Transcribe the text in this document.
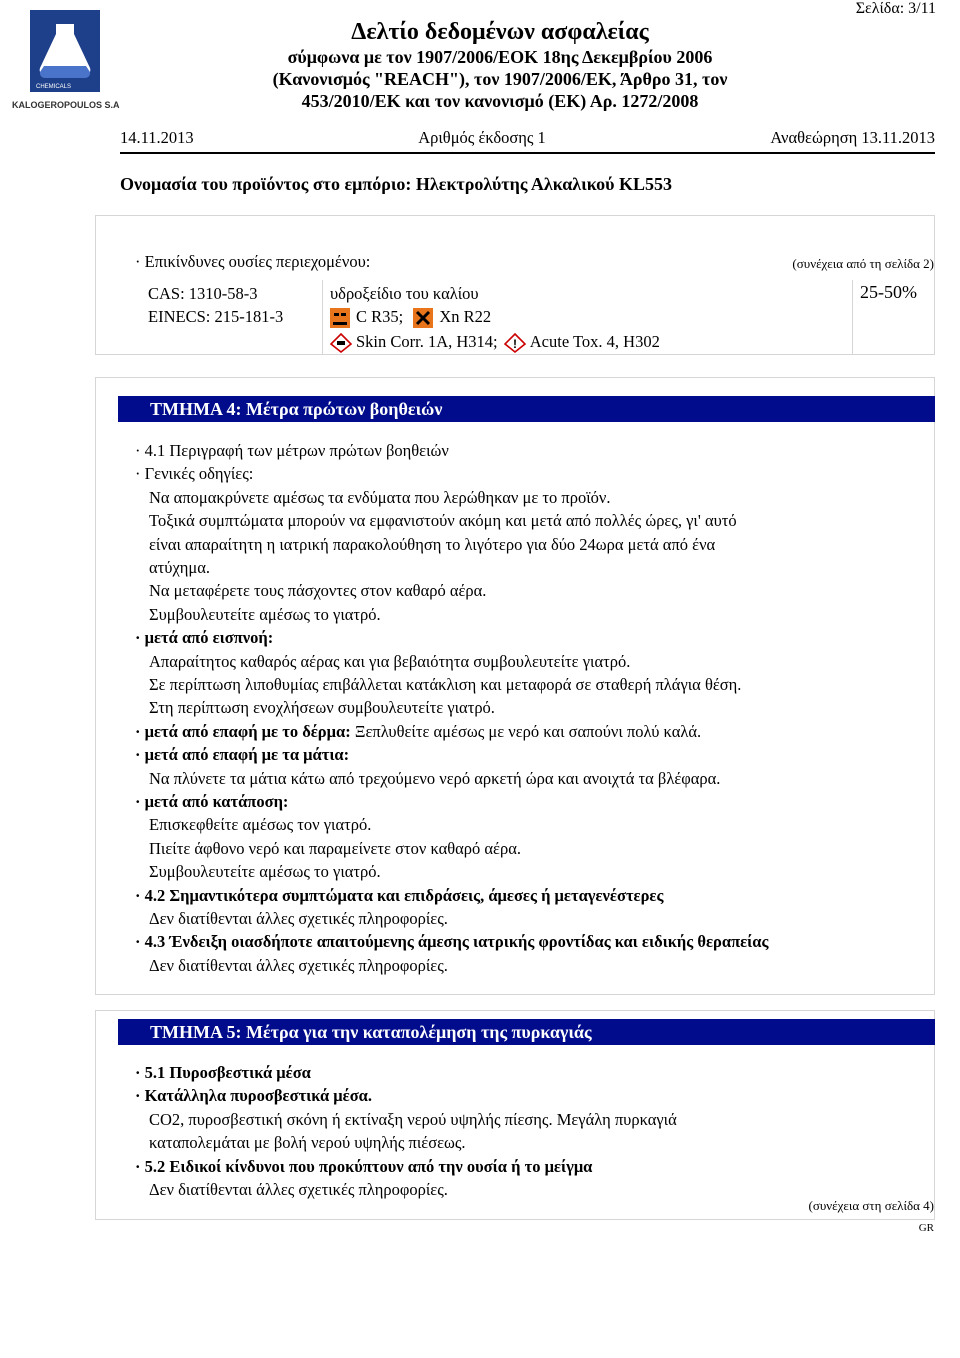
CHEMICALS
KALOGEROPOULOS S.A.
Σελίδα: 3/11
Δελτίο δεδομένων ασφαλείας
σύμφωνα με τον 1907/2006/ΕΟΚ 18ης Δεκεμβρίου 2006
(Κανονισμός "REACH"), τον 1907/2006/ΕΚ, Άρθρο 31, τον
453/2010/ΕΚ και τον κανονισμό (ΕΚ) Αρ. 1272/2008
14.11.2013	Αριθμός έκδοσης 1	Αναθεώρηση 13.11.2013
Ονομασία του προϊόντος στο εμπόριο: Ηλεκτρολύτης Αλκαλικού KL553
(συνέχεια από τη σελίδα 2)
· Επικίνδυνες ουσίες περιεχομένου:
CAS: 1310-58-3
EINECS: 215-181-3
υδροξείδιο του καλίου
C R35; Xn R22
Skin Corr. 1A, H314; ! Acute Tox. 4, H302
25-50%
ΤΜΗΜΑ 4: Μέτρα πρώτων βοηθειών
· 4.1 Περιγραφή των μέτρων πρώτων βοηθειών
· Γενικές οδηγίες:
Να απομακρύνετε αμέσως τα ενδύματα που λερώθηκαν με το προϊόν.
Τοξικά συμπτώματα μπορούν να εμφανιστούν ακόμη και μετά από πολλές ώρες, γι' αυτό
είναι απαραίτητη η ιατρική παρακολούθηση το λιγότερο για δύο 24ωρα μετά από ένα
ατύχημα.
Να μεταφέρετε τους πάσχοντες στον καθαρό αέρα.
Συμβουλευτείτε αμέσως το γιατρό.
· μετά από εισπνοή:
Απαραίτητος καθαρός αέρας και για βεβαιότητα συμβουλευτείτε γιατρό.
Σε περίπτωση λιποθυμίας επιβάλλεται κατάκλιση και μεταφορά σε σταθερή πλάγια θέση.
Στη περίπτωση ενοχλήσεων συμβουλευτείτε γιατρό.
· μετά από επαφή με το δέρμα: Ξεπλυθείτε αμέσως με νερό και σαπούνι πολύ καλά.
· μετά από επαφή με τα μάτια:
Να πλύνετε τα μάτια κάτω από τρεχούμενο νερό αρκετή ώρα και ανοιχτά τα βλέφαρα.
· μετά από κατάποση:
Επισκεφθείτε αμέσως τον γιατρό.
Πιείτε άφθονο νερό και παραμείνετε στον καθαρό αέρα.
Συμβουλευτείτε αμέσως το γιατρό.
· 4.2 Σημαντικότερα συμπτώματα και επιδράσεις, άμεσες ή μεταγενέστερες
Δεν διατίθενται άλλες σχετικές πληροφορίες.
· 4.3 Ένδειξη οιασδήποτε απαιτούμενης άμεσης ιατρικής φροντίδας και ειδικής θεραπείας
Δεν διατίθενται άλλες σχετικές πληροφορίες.
ΤΜΗΜΑ 5: Μέτρα για την καταπολέμηση της πυρκαγιάς
· 5.1 Πυροσβεστικά μέσα
· Κατάλληλα πυροσβεστικά μέσα.
CO2, πυροσβεστική σκόνη ή εκτίναξη νερού υψηλής πίεσης. Μεγάλη πυρκαγιά
καταπολεμάται με βολή νερού υψηλής πιέσεως.
· 5.2 Ειδικοί κίνδυνοι που προκύπτουν από την ουσία ή το μείγμα
Δεν διατίθενται άλλες σχετικές πληροφορίες.
(συνέχεια στη σελίδα 4)
GR
